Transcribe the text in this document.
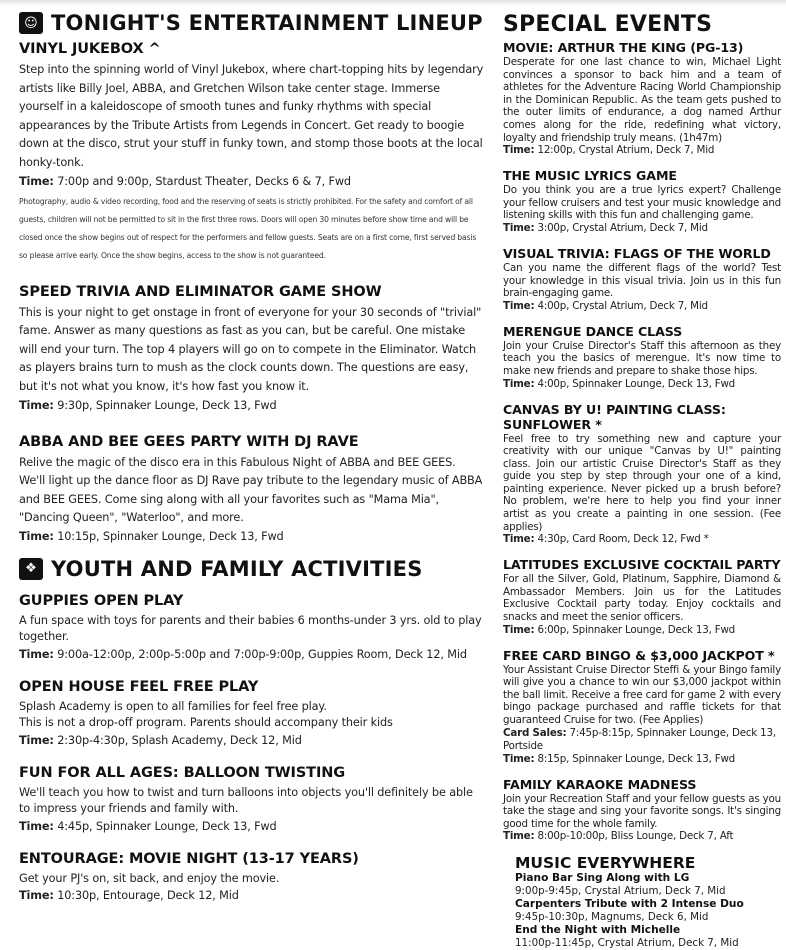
☺ TONIGHT'S ENTERTAINMENT LINEUP
VINYL JUKEBOX ^
Step into the spinning world of Vinyl Jukebox, where chart-topping hits by legendary artists like Billy Joel, ABBA, and Gretchen Wilson take center stage. Immerse yourself in a kaleidoscope of smooth tunes and funky rhythms with special appearances by the Tribute Artists from Legends in Concert. Get ready to boogie down at the disco, strut your stuff in funky town, and stomp those boots at the local honky-tonk.
Time: 7:00p and 9:00p, Stardust Theater, Decks 6 & 7, Fwd
Photography, audio & video recording, food and the reserving of seats is strictly prohibited. For the safety and comfort of all guests, children will not be permitted to sit in the first three rows. Doors will open 30 minutes before show time and will be closed once the show begins out of respect for the performers and fellow guests. Seats are on a first come, first served basis so please arrive early. Once the show begins, access to the show is not guaranteed.
SPEED TRIVIA AND ELIMINATOR GAME SHOW
This is your night to get onstage in front of everyone for your 30 seconds of "trivial" fame. Answer as many questions as fast as you can, but be careful. One mistake will end your turn. The top 4 players will go on to compete in the Eliminator. Watch as players brains turn to mush as the clock counts down. The questions are easy, but it's not what you know, it's how fast you know it.
Time: 9:30p, Spinnaker Lounge, Deck 13, Fwd
ABBA AND BEE GEES PARTY WITH DJ RAVE
Relive the magic of the disco era in this Fabulous Night of ABBA and BEE GEES. We'll light up the dance floor as DJ Rave pay tribute to the legendary music of ABBA and BEE GEES. Come sing along with all your favorites such as "Mama Mia", "Dancing Queen", "Waterloo", and more.
Time: 10:15p, Spinnaker Lounge, Deck 13, Fwd
❖ YOUTH AND FAMILY ACTIVITIES
GUPPIES OPEN PLAY
A fun space with toys for parents and their babies 6 months-under 3 yrs. old to play together.
Time: 9:00a-12:00p, 2:00p-5:00p and 7:00p-9:00p, Guppies Room, Deck 12, Mid
OPEN HOUSE FEEL FREE PLAY
Splash Academy is open to all families for feel free play.
This is not a drop-off program. Parents should accompany their kids
Time: 2:30p-4:30p, Splash Academy, Deck 12, Mid
FUN FOR ALL AGES: BALLOON TWISTING
We'll teach you how to twist and turn balloons into objects you'll definitely be able to impress your friends and family with.
Time: 4:45p, Spinnaker Lounge, Deck 13, Fwd
ENTOURAGE: MOVIE NIGHT (13-17 YEARS)
Get your PJ's on, sit back, and enjoy the movie.
Time: 10:30p, Entourage, Deck 12, Mid
SPECIAL EVENTS
MOVIE: ARTHUR THE KING (PG-13)
Desperate for one last chance to win, Michael Light convinces a sponsor to back him and a team of athletes for the Adventure Racing World Championship in the Dominican Republic. As the team gets pushed to the outer limits of endurance, a dog named Arthur comes along for the ride, redefining what victory, loyalty and friendship truly means. (1h47m)
Time: 12:00p, Crystal Atrium, Deck 7, Mid
THE MUSIC LYRICS GAME
Do you think you are a true lyrics expert? Challenge your fellow cruisers and test your music knowledge and listening skills with this fun and challenging game.
Time: 3:00p, Crystal Atrium, Deck 7, Mid
VISUAL TRIVIA: FLAGS OF THE WORLD
Can you name the different flags of the world? Test your knowledge in this visual trivia. Join us in this fun brain-engaging game.
Time: 4:00p, Crystal Atrium, Deck 7, Mid
MERENGUE DANCE CLASS
Join your Cruise Director's Staff this afternoon as they teach you the basics of merengue. It's now time to make new friends and prepare to shake those hips.
Time: 4:00p, Spinnaker Lounge, Deck 13, Fwd
CANVAS BY U! PAINTING CLASS: SUNFLOWER *
Feel free to try something new and capture your creativity with our unique "Canvas by U!" painting class. Join our artistic Cruise Director's Staff as they guide you step by step through your one of a kind, painting experience. Never picked up a brush before? No problem, we're here to help you find your inner artist as you create a painting in one session. (Fee applies)
Time: 4:30p, Card Room, Deck 12, Fwd *
LATITUDES EXCLUSIVE COCKTAIL PARTY
For all the Silver, Gold, Platinum, Sapphire, Diamond & Ambassador Members. Join us for the Latitudes Exclusive Cocktail party today. Enjoy cocktails and snacks and meet the senior officers.
Time: 6:00p, Spinnaker Lounge, Deck 13, Fwd
FREE CARD BINGO & $3,000 JACKPOT *
Your Assistant Cruise Director Steffi & your Bingo family will give you a chance to win our $3,000 jackpot within the ball limit. Receive a free card for game 2 with every bingo package purchased and raffle tickets for that guaranteed Cruise for two. (Fee Applies)
Card Sales: 7:45p-8:15p, Spinnaker Lounge, Deck 13, Portside
Time: 8:15p, Spinnaker Lounge, Deck 13, Fwd
FAMILY KARAOKE MADNESS
Join your Recreation Staff and your fellow guests as you take the stage and sing your favorite songs. It's singing good time for the whole family.
Time: 8:00p-10:00p, Bliss Lounge, Deck 7, Aft
MUSIC EVERYWHERE
Piano Bar Sing Along with LG
9:00p-9:45p, Crystal Atrium, Deck 7, Mid
Carpenters Tribute with 2 Intense Duo
9:45p-10:30p, Magnums, Deck 6, Mid
End the Night with Michelle
11:00p-11:45p, Crystal Atrium, Deck 7, Mid
